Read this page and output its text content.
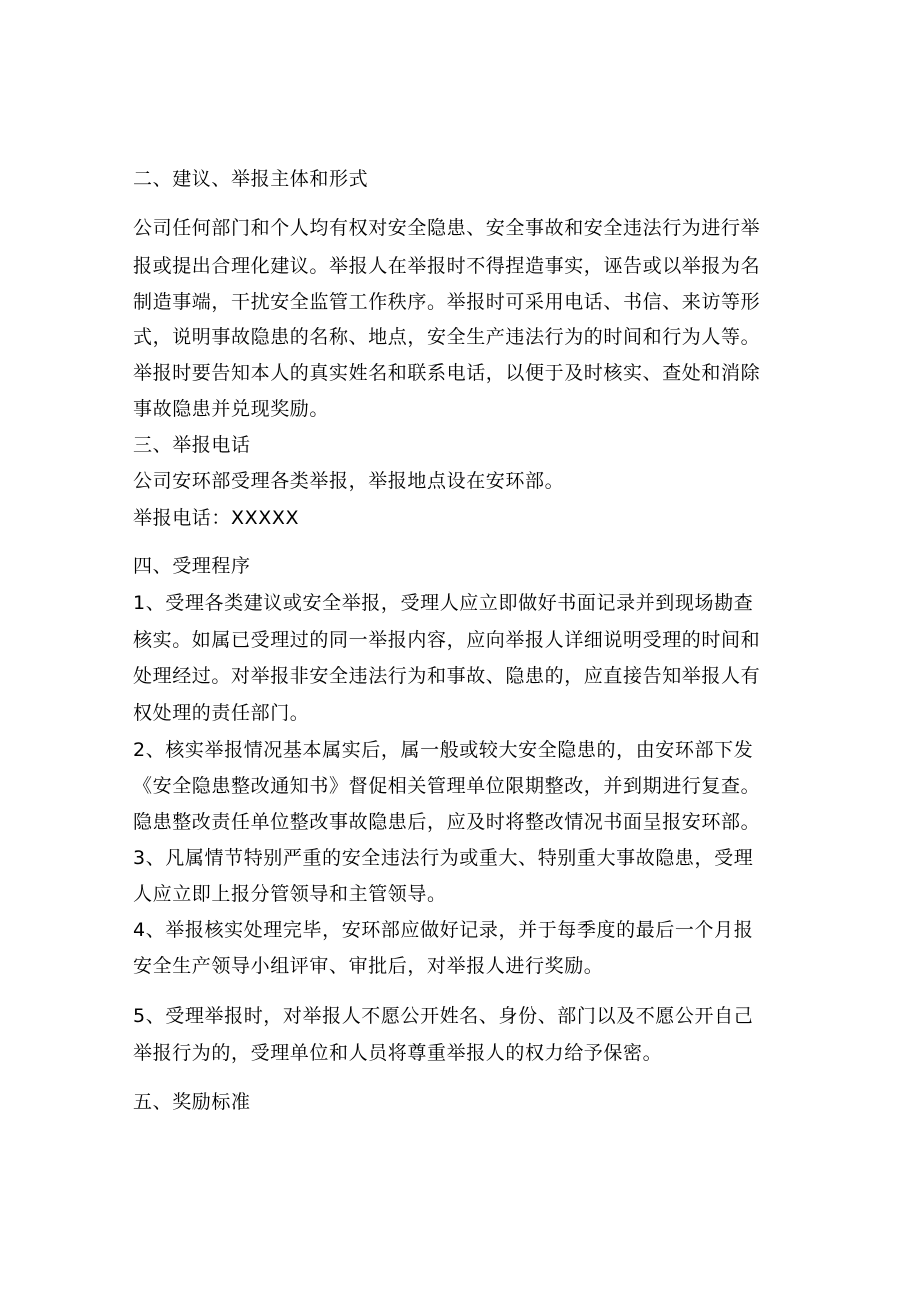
二、建议、举报主体和形式

公司任何部门和个人均有权对安全隐患、安全事故和安全违法行为进行举

报或提出合理化建议。举报人在举报时不得捏造事实，诬告或以举报为名

制造事端，干扰安全监管工作秩序。举报时可采用电话、书信、来访等形

式，说明事故隐患的名称、地点，安全生产违法行为的时间和行为人等。

举报时要告知本人的真实姓名和联系电话，以便于及时核实、查处和消除

事故隐患并兑现奖励。

三、举报电话

公司安环部受理各类举报，举报地点设在安环部。

举报电话：XXXXX

四、受理程序

1、受理各类建议或安全举报，受理人应立即做好书面记录并到现场勘查

核实。如属已受理过的同一举报内容，应向举报人详细说明受理的时间和

处理经过。对举报非安全违法行为和事故、隐患的，应直接告知举报人有

权处理的责任部门。

2、核实举报情况基本属实后，属一般或较大安全隐患的，由安环部下发

《安全隐患整改通知书》督促相关管理单位限期整改，并到期进行复查。

隐患整改责任单位整改事故隐患后，应及时将整改情况书面呈报安环部。

3、凡属情节特别严重的安全违法行为或重大、特别重大事故隐患，受理

人应立即上报分管领导和主管领导。

4、举报核实处理完毕，安环部应做好记录，并于每季度的最后一个月报

安全生产领导小组评审、审批后，对举报人进行奖励。

5、受理举报时，对举报人不愿公开姓名、身份、部门以及不愿公开自己

举报行为的，受理单位和人员将尊重举报人的权力给予保密。

五、奖励标准
